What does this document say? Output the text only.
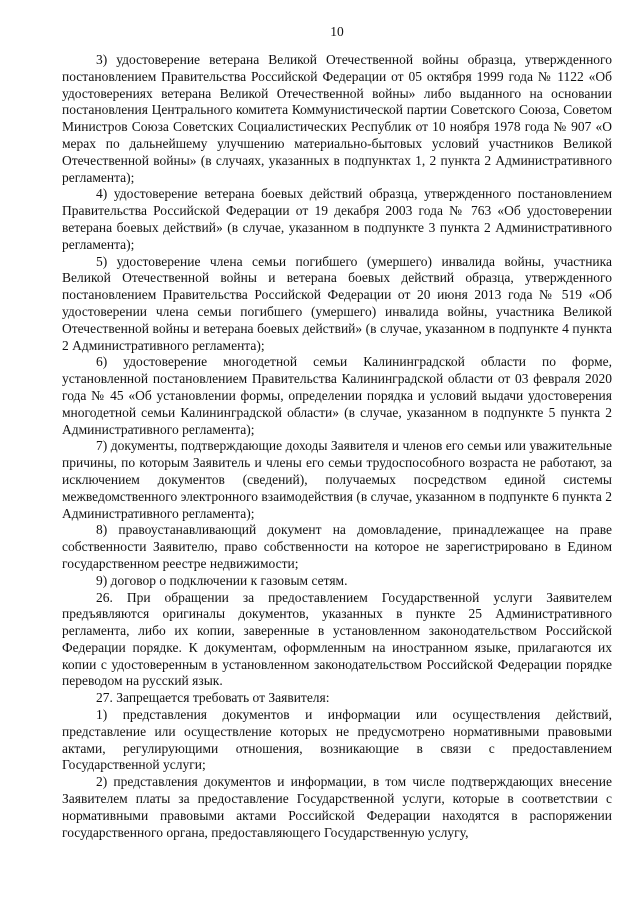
10

3) удостоверение ветерана Великой Отечественной войны образца, утвержденного постановлением Правительства Российской Федерации от 05 октября 1999 года № 1122 «Об удостоверениях ветерана Великой Отечественной войны» либо выданного на основании постановления Центрального комитета Коммунистической партии Советского Союза, Советом Министров Союза Советских Социалистических Республик от 10 ноября 1978 года № 907 «О мерах по дальнейшему улучшению материально-бытовых условий участников Великой Отечественной войны» (в случаях, указанных в подпунктах 1, 2 пункта 2 Административного регламента);

4) удостоверение ветерана боевых действий образца, утвержденного постановлением Правительства Российской Федерации от 19 декабря 2003 года № 763 «Об удостоверении ветерана боевых действий» (в случае, указанном в подпункте 3 пункта 2 Административного регламента);

5) удостоверение члена семьи погибшего (умершего) инвалида войны, участника Великой Отечественной войны и ветерана боевых действий образца, утвержденного постановлением Правительства Российской Федерации от 20 июня 2013 года № 519 «Об удостоверении члена семьи погибшего (умершего) инвалида войны, участника Великой Отечественной войны и ветерана боевых действий» (в случае, указанном в подпункте 4 пункта 2 Административного регламента);

6) удостоверение многодетной семьи Калининградской области по форме, установленной постановлением Правительства Калининградской области от 03 февраля 2020 года № 45 «Об установлении формы, определении порядка и условий выдачи удостоверения многодетной семьи Калининградской области» (в случае, указанном в подпункте 5 пункта 2 Административного регламента);

7) документы, подтверждающие доходы Заявителя и членов его семьи или уважительные причины, по которым Заявитель и члены его семьи трудоспособного возраста не работают, за исключением документов (сведений), получаемых посредством единой системы межведомственного электронного взаимодействия (в случае, указанном в подпункте 6 пункта 2 Административного регламента);

8) правоустанавливающий документ на домовладение, принадлежащее на праве собственности Заявителю, право собственности на которое не зарегистрировано в Едином государственном реестре недвижимости;

9) договор о подключении к газовым сетям.

26. При обращении за предоставлением Государственной услуги Заявителем предъявляются оригиналы документов, указанных в пункте 25 Административного регламента, либо их копии, заверенные в установленном законодательством Российской Федерации порядке. К документам, оформленным на иностранном языке, прилагаются их копии с удостоверенным в установленном законодательством Российской Федерации порядке переводом на русский язык.

27. Запрещается требовать от Заявителя:

1) представления документов и информации или осуществления действий, представление или осуществление которых не предусмотрено нормативными правовыми актами, регулирующими отношения, возникающие в связи с предоставлением Государственной услуги;

2) представления документов и информации, в том числе подтверждающих внесение Заявителем платы за предоставление Государственной услуги, которые в соответствии с нормативными правовыми актами Российской Федерации находятся в распоряжении государственного органа, предоставляющего Государственную услугу,
